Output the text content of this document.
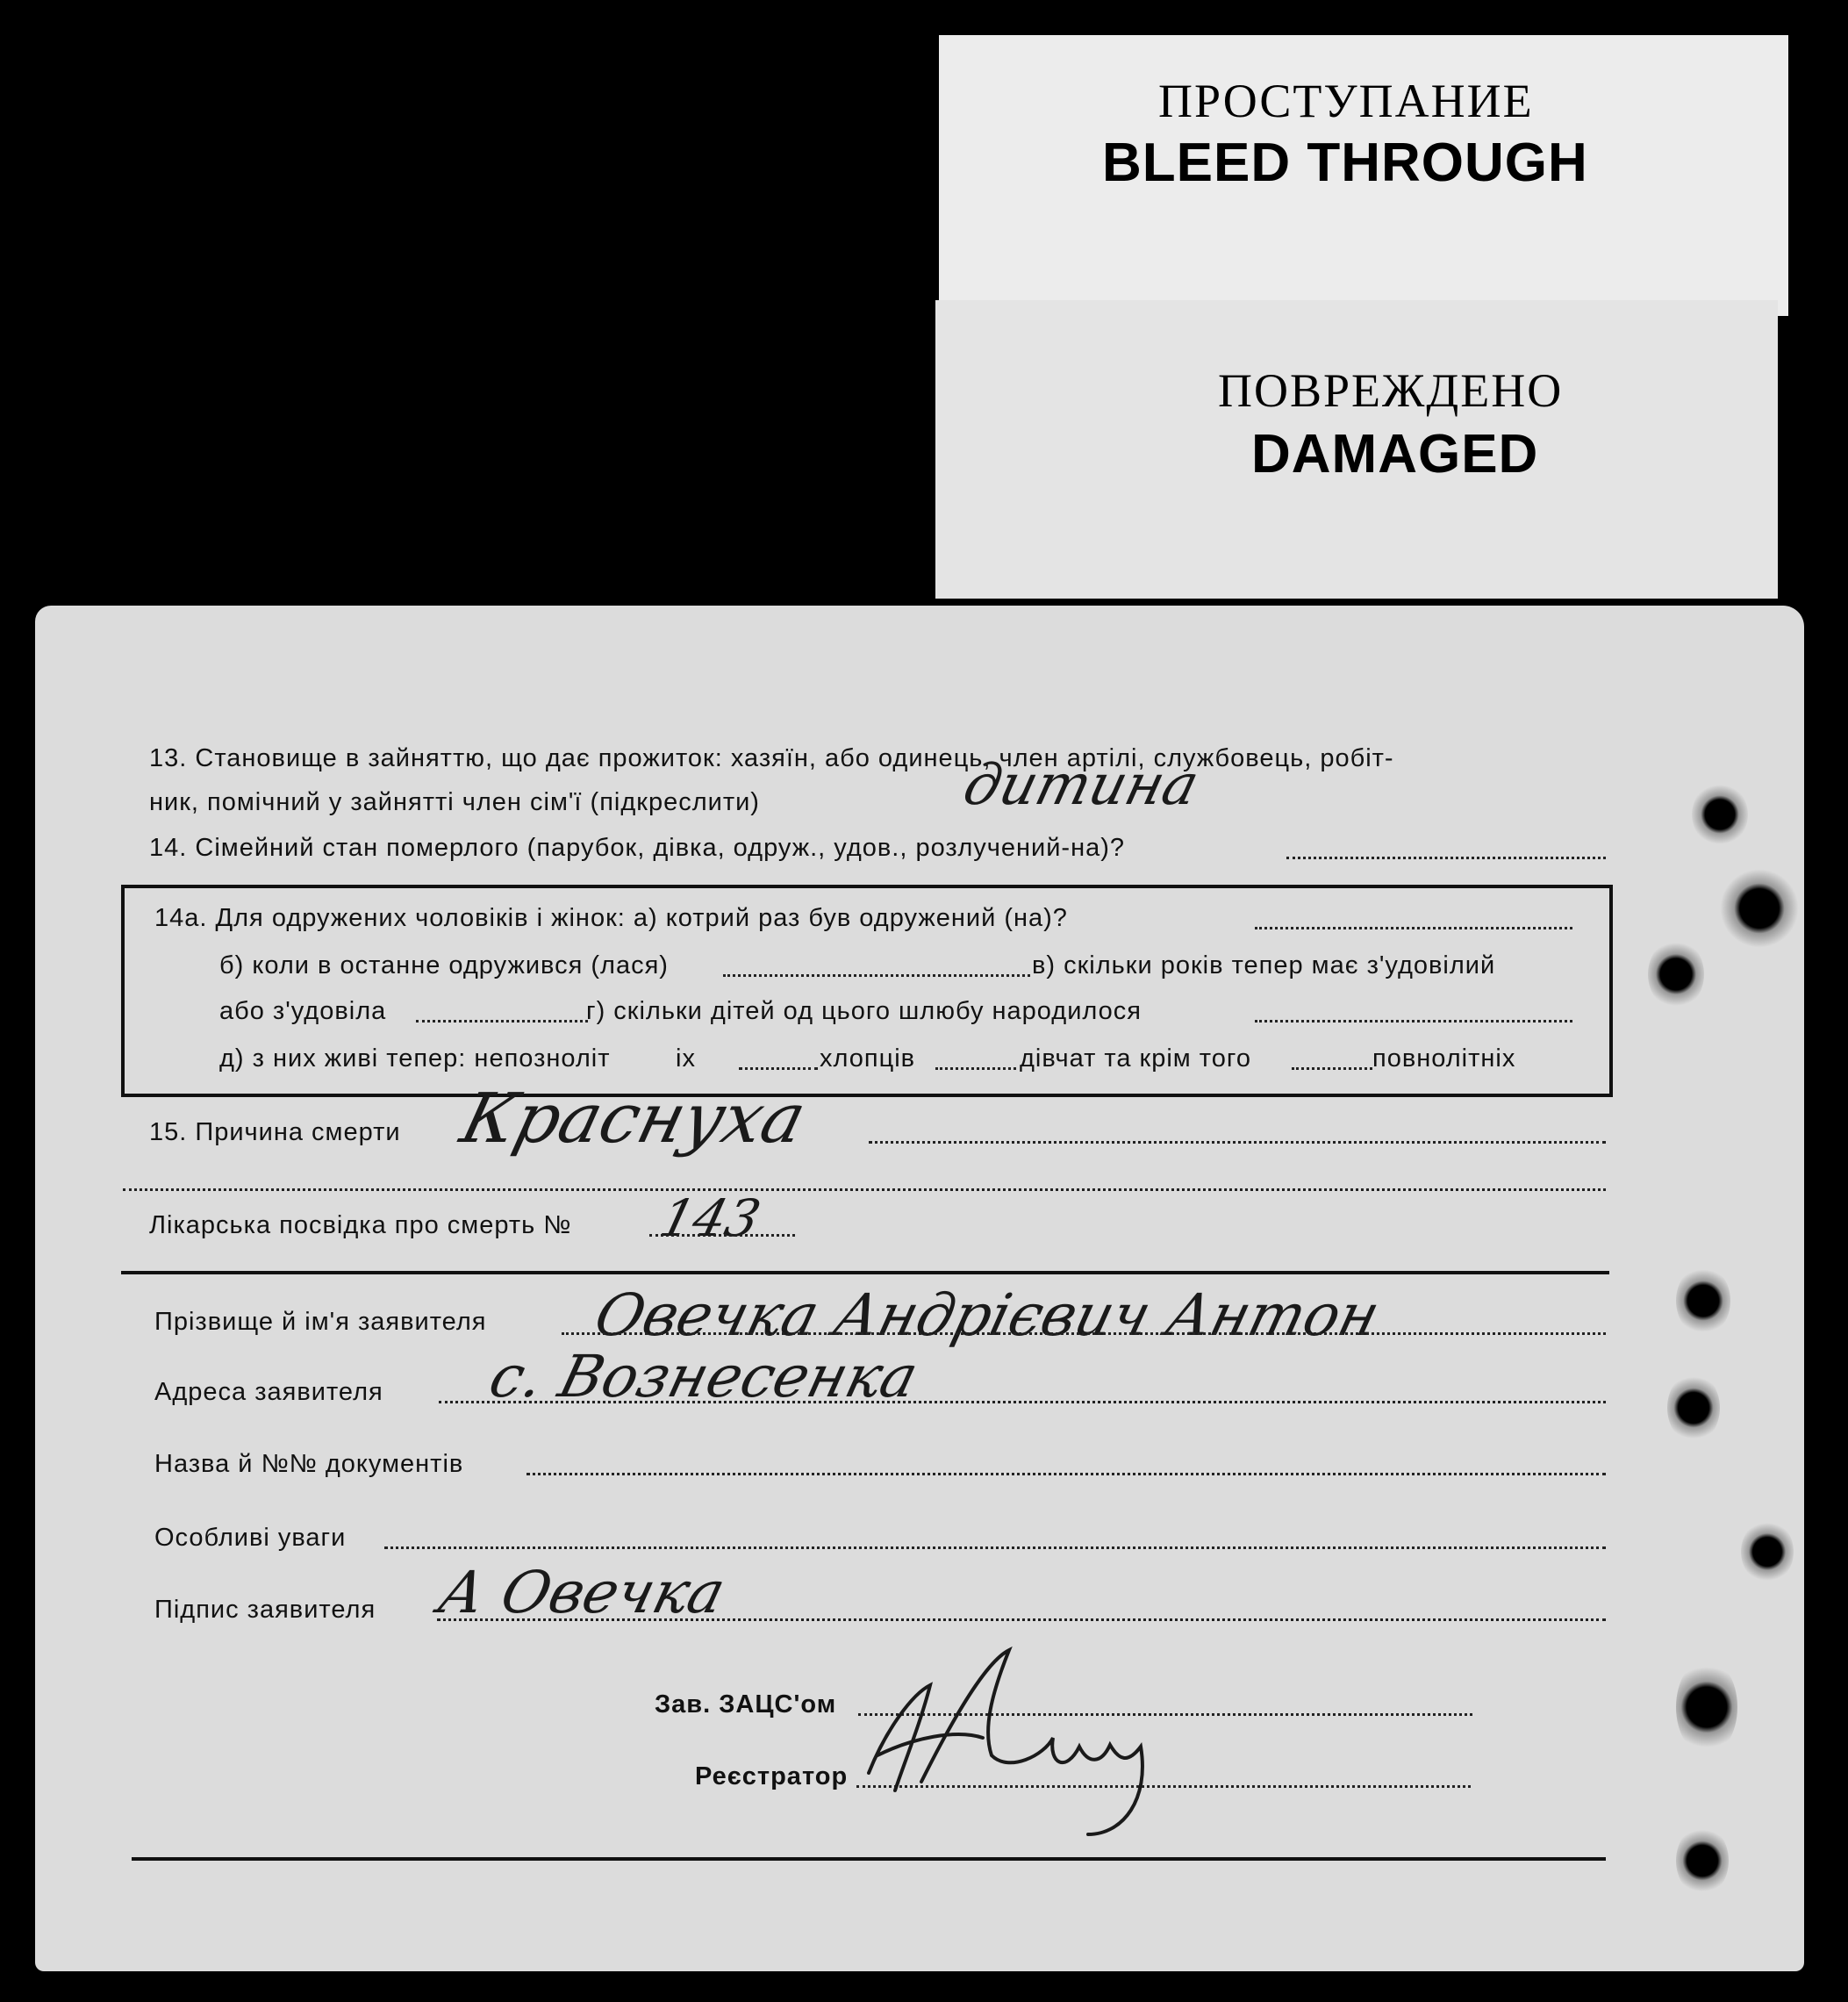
ПРОСТУПАНИЕ
BLEED THROUGH
ПОВРЕЖДЕНО
DAMAGED
13. Становище в зайняттю, що дає прожиток: хазяїн, або одинець, член артілі, службовець, робіт-
ник, помічний у зайнятті член сім'ї (підкреслити)	дитина
14. Сімейний стан померлого (парубок, дівка, одруж., удов., розлучений-на)?
14а. Для одружених чоловіків і жінок: а) котрий раз був одружений (на)?
б) коли в останне одружився (лася)	в) скільки років тепер має з'удовілий
або з'удовіла	г) скільки дітей од цього шлюбу народилося
д) з них живі тепер: непозноліт	іх	хлопців	дівчат та крім того	повнолітніх
15. Причина смерти Краснуха
Лікарська посвідка про смерть № 143
Прізвище й ім'я заявителя Овечка Андрієвич Антон
Адреса заявителя с. Вознесенка
Назва й №№ документів
Особливі уваги
Підпис заявителя А Овечка
Зав. ЗАЦС'ом
Реєстратор
